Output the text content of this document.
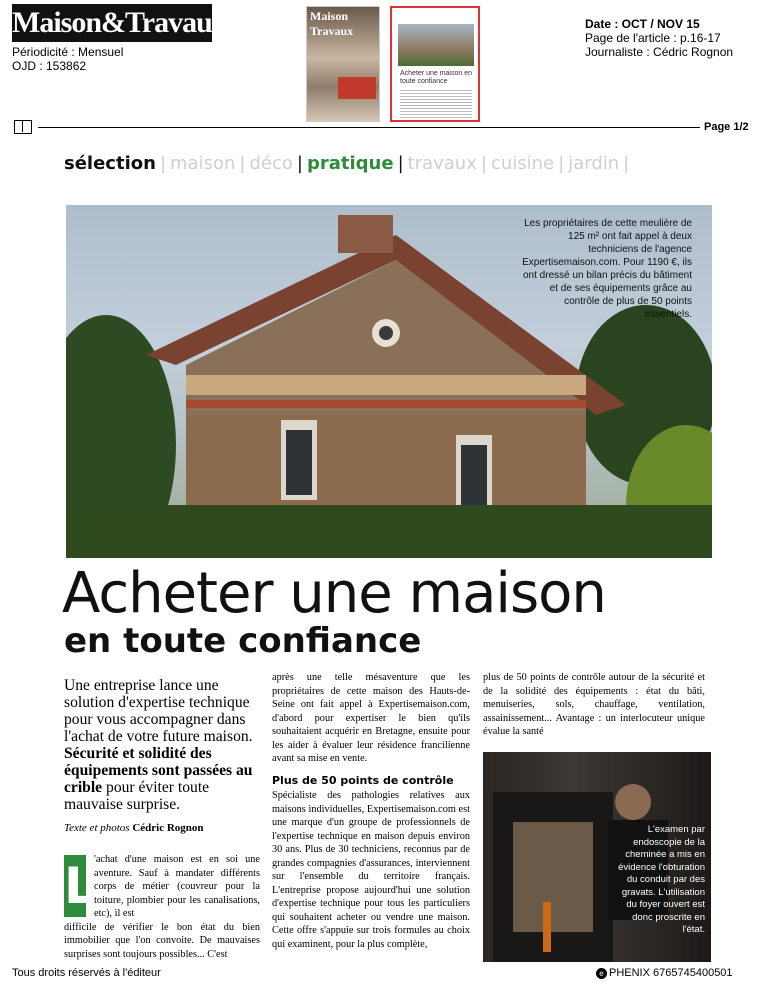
Maison&Travaux
Périodicité : Mensuel
OJD : 153862
Maison Travaux
Acheter une maison en toute confiance
Date : OCT / NOV 15
Page de l'article : p.16-17
Journaliste : Cédric Rognon
Page 1/2
sélection | maison | déco | pratique | travaux | cuisine | jardin |
Les propriétaires de cette meulière de 125 m² ont fait appel à deux techniciens de l'agence Expertisemaison.com. Pour 1190 €, ils ont dressé un bilan précis du bâtiment et de ses équipements grâce au contrôle de plus de 50 points essentiels.
Acheter une maison
en toute confiance
Une entreprise lance une solution d'expertise technique pour vous accompagner dans l'achat de votre future maison. Sécurité et solidité des équipements sont passées au crible pour éviter toute mauvaise surprise.
Texte et photos Cédric Rognon
L
'achat d'une maison est en soi une aventure. Sauf à mandater différents corps de métier (couvreur pour la toiture, plombier pour les canalisations, etc), il est
difficile de vérifier le bon état du bien immobilier que l'on convoite. De mauvaises surprises sont toujours possibles... C'est

après une telle mésaventure que les propriétaires de cette maison des Hauts-de-Seine ont fait appel à Expertisemaison.com, d'abord pour expertiser le bien qu'ils souhaitaient acquérir en Bretagne, ensuite pour les aider à évaluer leur résidence francilienne avant sa mise en vente.

Plus de 50 points de contrôle

Spécialiste des pathologies relatives aux maisons individuelles, Expertisemaison.com est une marque d'un groupe de professionnels de l'expertise technique en maison depuis environ 30 ans. Plus de 30 techniciens, reconnus par de grandes compagnies d'assurances, interviennent sur l'ensemble du territoire français. L'entreprise propose aujourd'hui une solution d'expertise technique pour tous les particuliers qui souhaitent acheter ou vendre une maison. Cette offre s'appuie sur trois formules au choix qui examinent, pour la plus complète,

plus de 50 points de contrôle autour de la sécurité et de la solidité des équipements : état du bâti, menuiseries, sols, chauffage, ventilation, assainissement... Avantage : un interlocuteur unique évalue la santé

L'examen par endoscopie de la cheminée a mis en évidence l'obturation du conduit par des gravats. L'utilisation du foyer ouvert est donc proscrite en l'état.
Tous droits réservés à l'éditeur	e PHENIX 6765745400501
